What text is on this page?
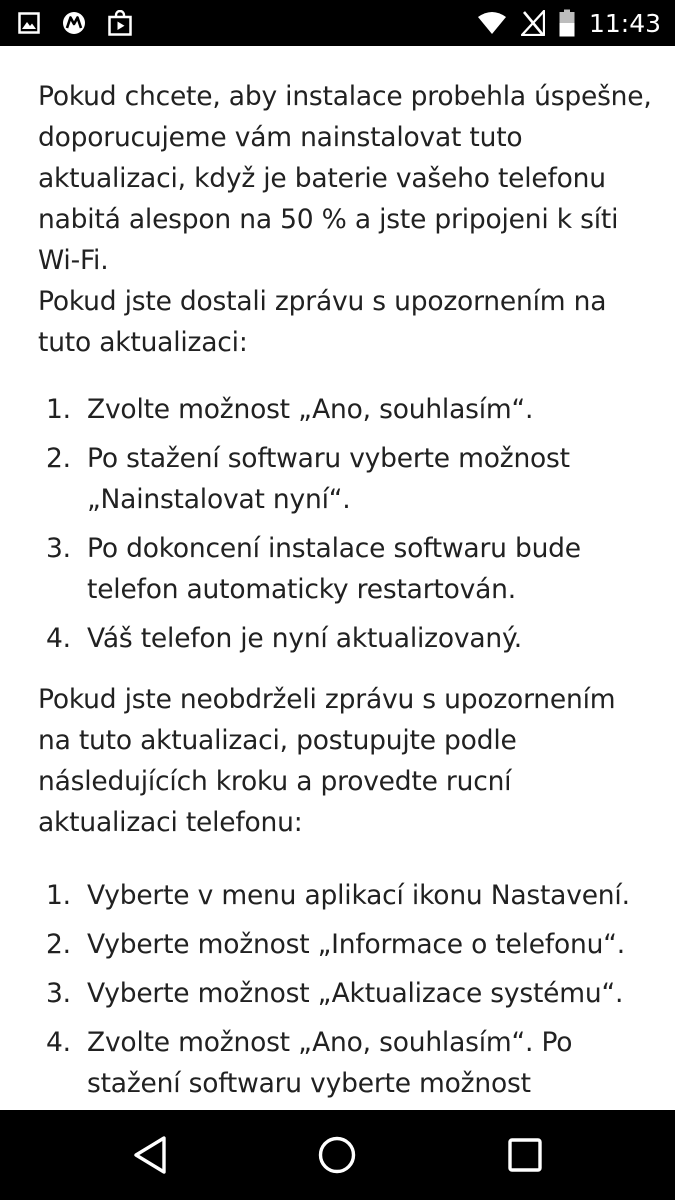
11:43

Pokud chcete, aby instalace probehla úspešne, doporucujeme vám nainstalovat tuto aktualizaci, když je baterie vašeho telefonu nabitá alespon na 50 % a jste pripojeni k síti Wi-Fi.

Pokud jste dostali zprávu s upozornením na tuto aktualizaci:

1. Zvolte možnost „Ano, souhlasím“.
2. Po stažení softwaru vyberte možnost „Nainstalovat nyní“.
3. Po dokoncení instalace softwaru bude telefon automaticky restartován.
4. Váš telefon je nyní aktualizovaný.

Pokud jste neobdrželi zprávu s upozornením na tuto aktualizaci, postupujte podle následujících kroku a provedte rucní aktualizaci telefonu:

1. Vyberte v menu aplikací ikonu Nastavení.
2. Vyberte možnost „Informace o telefonu“.
3. Vyberte možnost „Aktualizace systému“.
4. Zvolte možnost „Ano, souhlasím“. Po stažení softwaru vyberte možnost
